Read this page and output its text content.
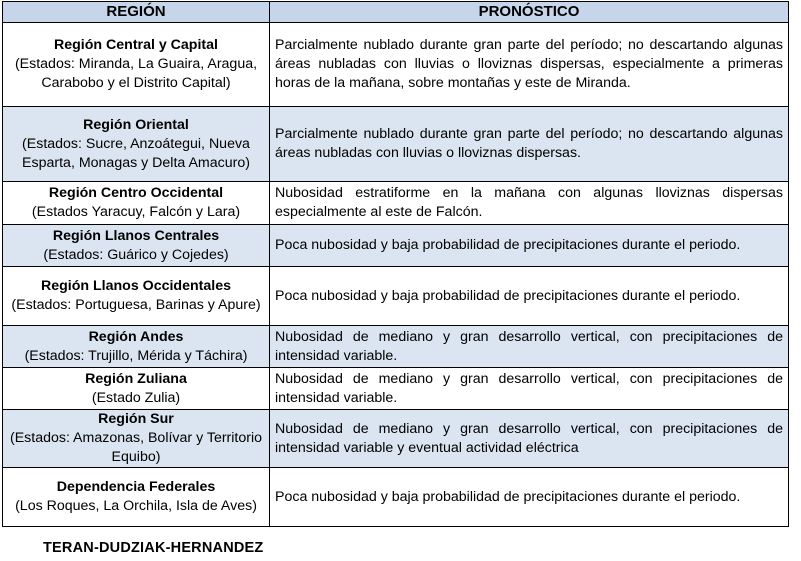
REGIÓN	PRONÓSTICO

Región Central y Capital
(Estados: Miranda, La Guaira, Aragua, Carabobo y el Distrito Capital)	Parcialmente nublado durante gran parte del período; no descartando algunas áreas nubladas con lluvias o lloviznas dispersas, especialmente a primeras horas de la mañana, sobre montañas y este de Miranda.

Región Oriental
(Estados: Sucre, Anzoátegui, Nueva Esparta, Monagas y Delta Amacuro)	Parcialmente nublado durante gran parte del período; no descartando algunas áreas nubladas con lluvias o lloviznas dispersas.

Región Centro Occidental
(Estados Yaracuy, Falcón y Lara)	Nubosidad estratiforme en la mañana con algunas lloviznas dispersas especialmente al este de Falcón.

Región Llanos Centrales
(Estados: Guárico y Cojedes)	Poca nubosidad y baja probabilidad de precipitaciones durante el periodo.

Región Llanos Occidentales
(Estados: Portuguesa, Barinas y Apure)	Poca nubosidad y baja probabilidad de precipitaciones durante el periodo.

Región Andes
(Estados: Trujillo, Mérida y Táchira)	Nubosidad de mediano y gran desarrollo vertical, con precipitaciones de intensidad variable.

Región Zuliana
(Estado Zulia)	Nubosidad de mediano y gran desarrollo vertical, con precipitaciones de intensidad variable.

Región Sur
(Estados: Amazonas, Bolívar y Territorio Equibo)	Nubosidad de mediano y gran desarrollo vertical, con precipitaciones de intensidad variable y eventual actividad eléctrica

Dependencia Federales
(Los Roques, La Orchila, Isla de Aves)	Poca nubosidad y baja probabilidad de precipitaciones durante el periodo.
TERAN-DUDZIAK-HERNANDEZ
